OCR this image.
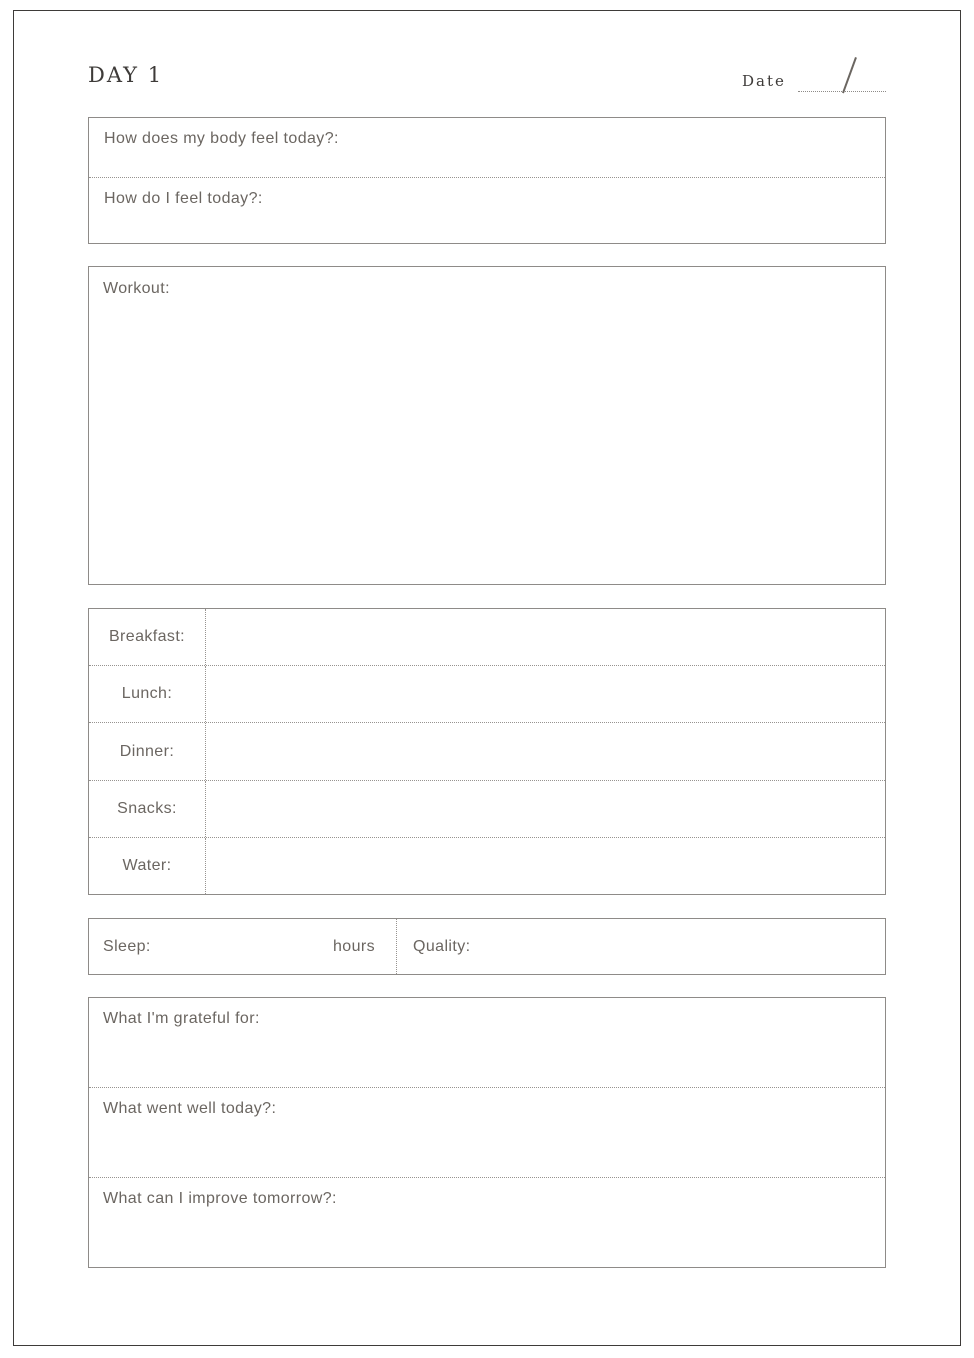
DAY 1	Date
How does my body feel today?:
How do I feel today?:
Workout:
Breakfast:
Lunch:
Dinner:
Snacks:
Water:
Sleep:	hours Quality:
What I'm grateful for:
What went well today?:
What can I improve tomorrow?:
